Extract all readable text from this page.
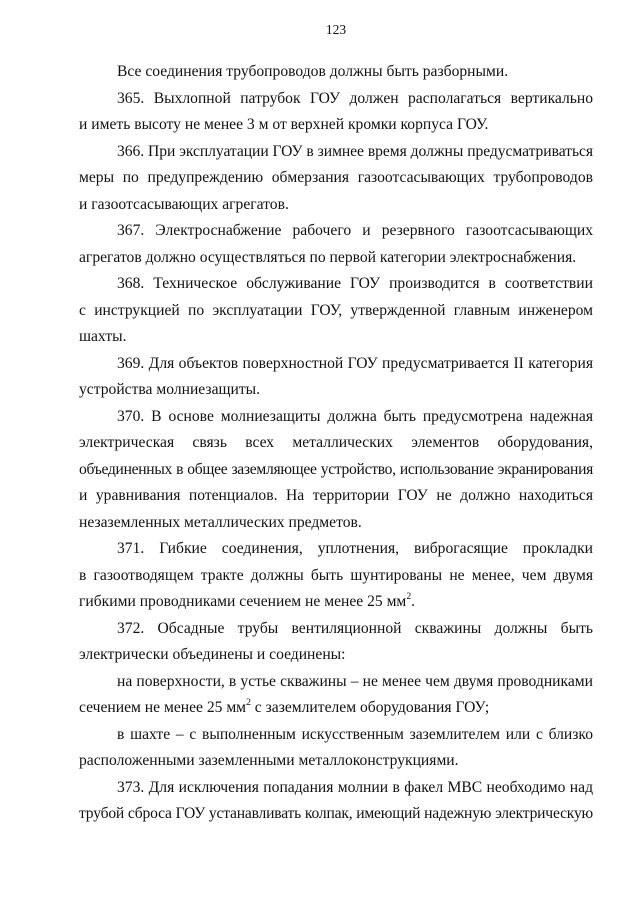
123
Все соединения трубопроводов должны быть разборными.
365. Выхлопной патрубок ГОУ должен располагаться вертикально
и иметь высоту не менее 3 м от верхней кромки корпуса ГОУ.
366. При эксплуатации ГОУ в зимнее время должны предусматриваться
меры по предупреждению обмерзания газоотсасывающих трубопроводов
и газоотсасывающих агрегатов.
367. Электроснабжение рабочего и резервного газоотсасывающих
агрегатов должно осуществляться по первой категории электроснабжения.
368. Техническое обслуживание ГОУ производится в соответствии
с инструкцией по эксплуатации ГОУ, утвержденной главным инженером
шахты.
369. Для объектов поверхностной ГОУ предусматривается II категория
устройства молниезащиты.
370. В основе молниезащиты должна быть предусмотрена надежная
электрическая связь всех металлических элементов оборудования,
объединенных в общее заземляющее устройство, использование экранирования
и уравнивания потенциалов. На территории ГОУ не должно находиться
незаземленных металлических предметов.
371. Гибкие соединения, уплотнения, виброгасящие прокладки
в газоотводящем тракте должны быть шунтированы не менее, чем двумя
гибкими проводниками сечением не менее 25 $мм^2$.
372. Обсадные трубы вентиляционной скважины должны быть
электрически объединены и соединены:
на поверхности, в устье скважины – не менее чем двумя проводниками
сечением не менее 25 $мм^2$ с заземлителем оборудования ГОУ;
в шахте – с выполненным искусственным заземлителем или с близко
расположенными заземленными металлоконструкциями.
373. Для исключения попадания молнии в факел МВС необходимо над
трубой сброса ГОУ устанавливать колпак, имеющий надежную электрическую
